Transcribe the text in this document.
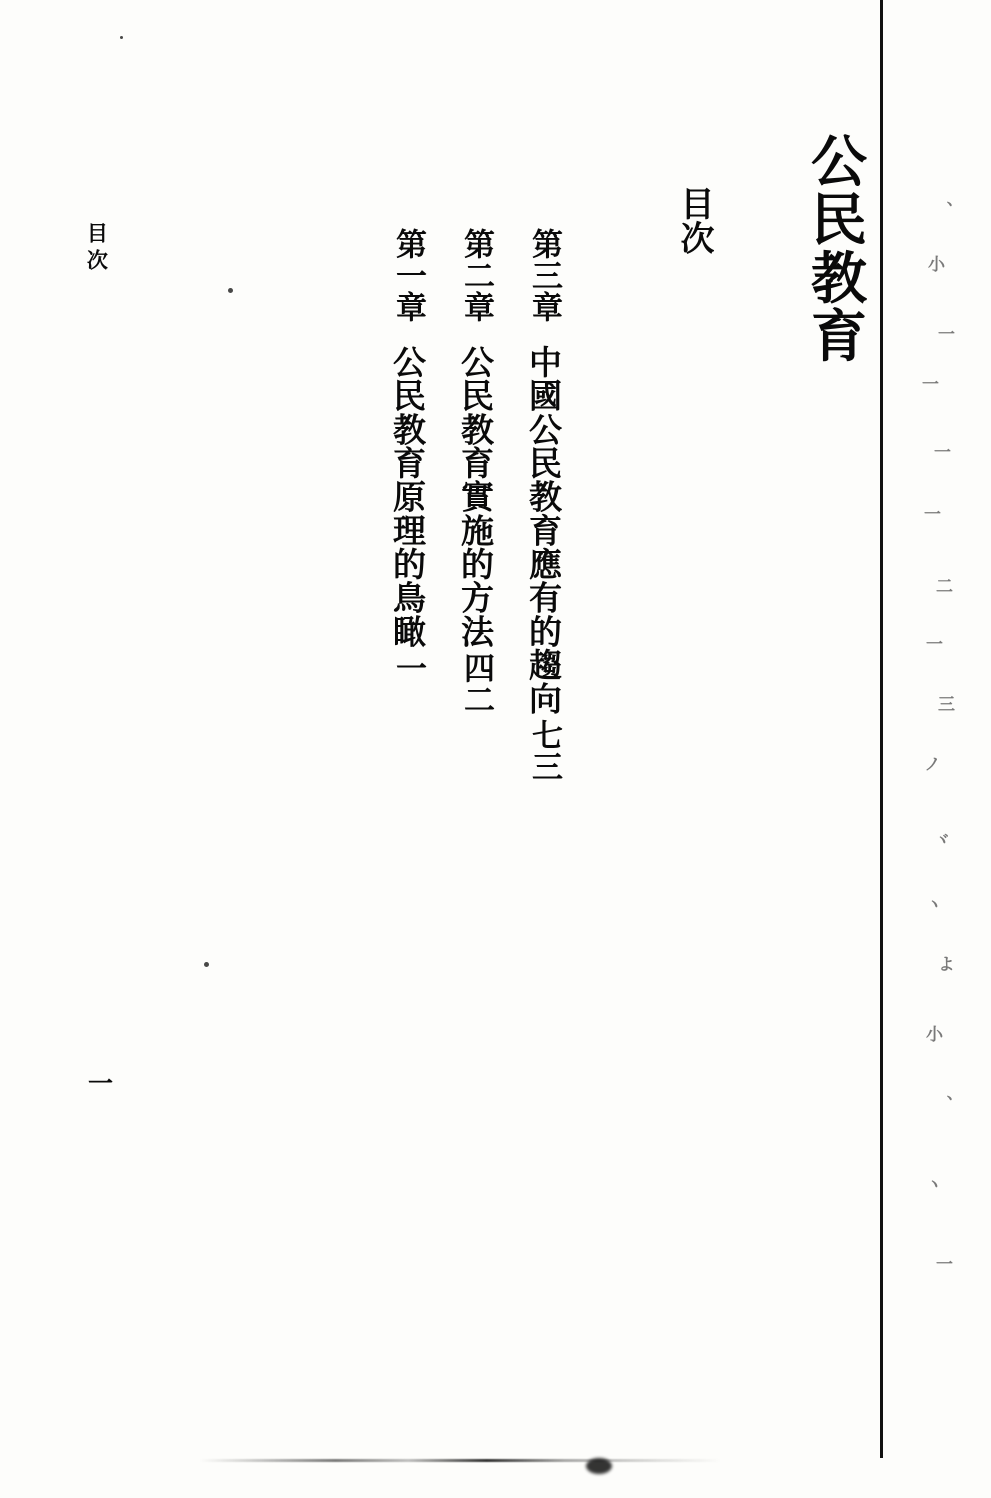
、
小
一
一
一
一
二
一
三
ノ
ヾ
ヽ
よ
小
、
ヽ
一
公民教育
目次
第一章
公民教育原理的鳥瞰
一
第二章
公民教育實施的方法
四二
第三章
中國公民教育應有的趨向
七三
目次
一
